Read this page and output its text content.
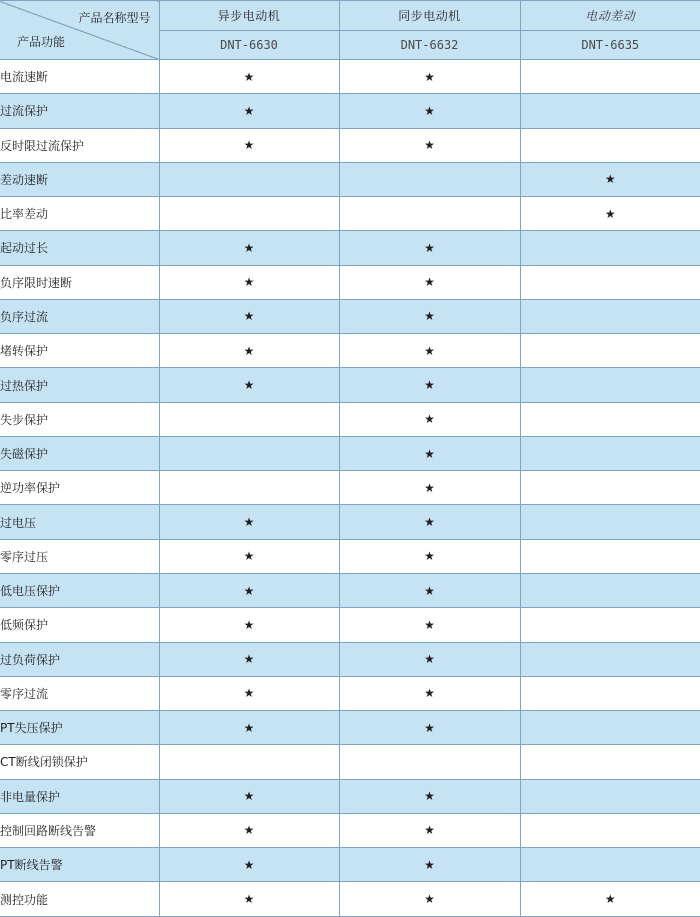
产品名称型号
产品功能	异步电动机	同步电动机	电动差动
	DNT-6630	DNT-6632	DNT-6635
电流速断	★	★	
过流保护	★	★	
反时限过流保护	★	★	
差动速断			★
比率差动			★
起动过长	★	★	
负序限时速断	★	★	
负序过流	★	★	
堵转保护	★	★	
过热保护	★	★	
失步保护		★	
失磁保护		★	
逆功率保护		★	
过电压	★	★	
零序过压	★	★	
低电压保护	★	★	
低频保护	★	★	
过负荷保护	★	★	
零序过流	★	★	
PT失压保护	★	★	
CT断线闭锁保护			
非电量保护	★	★	
控制回路断线告警	★	★	
PT断线告警	★	★	
测控功能	★	★	★
